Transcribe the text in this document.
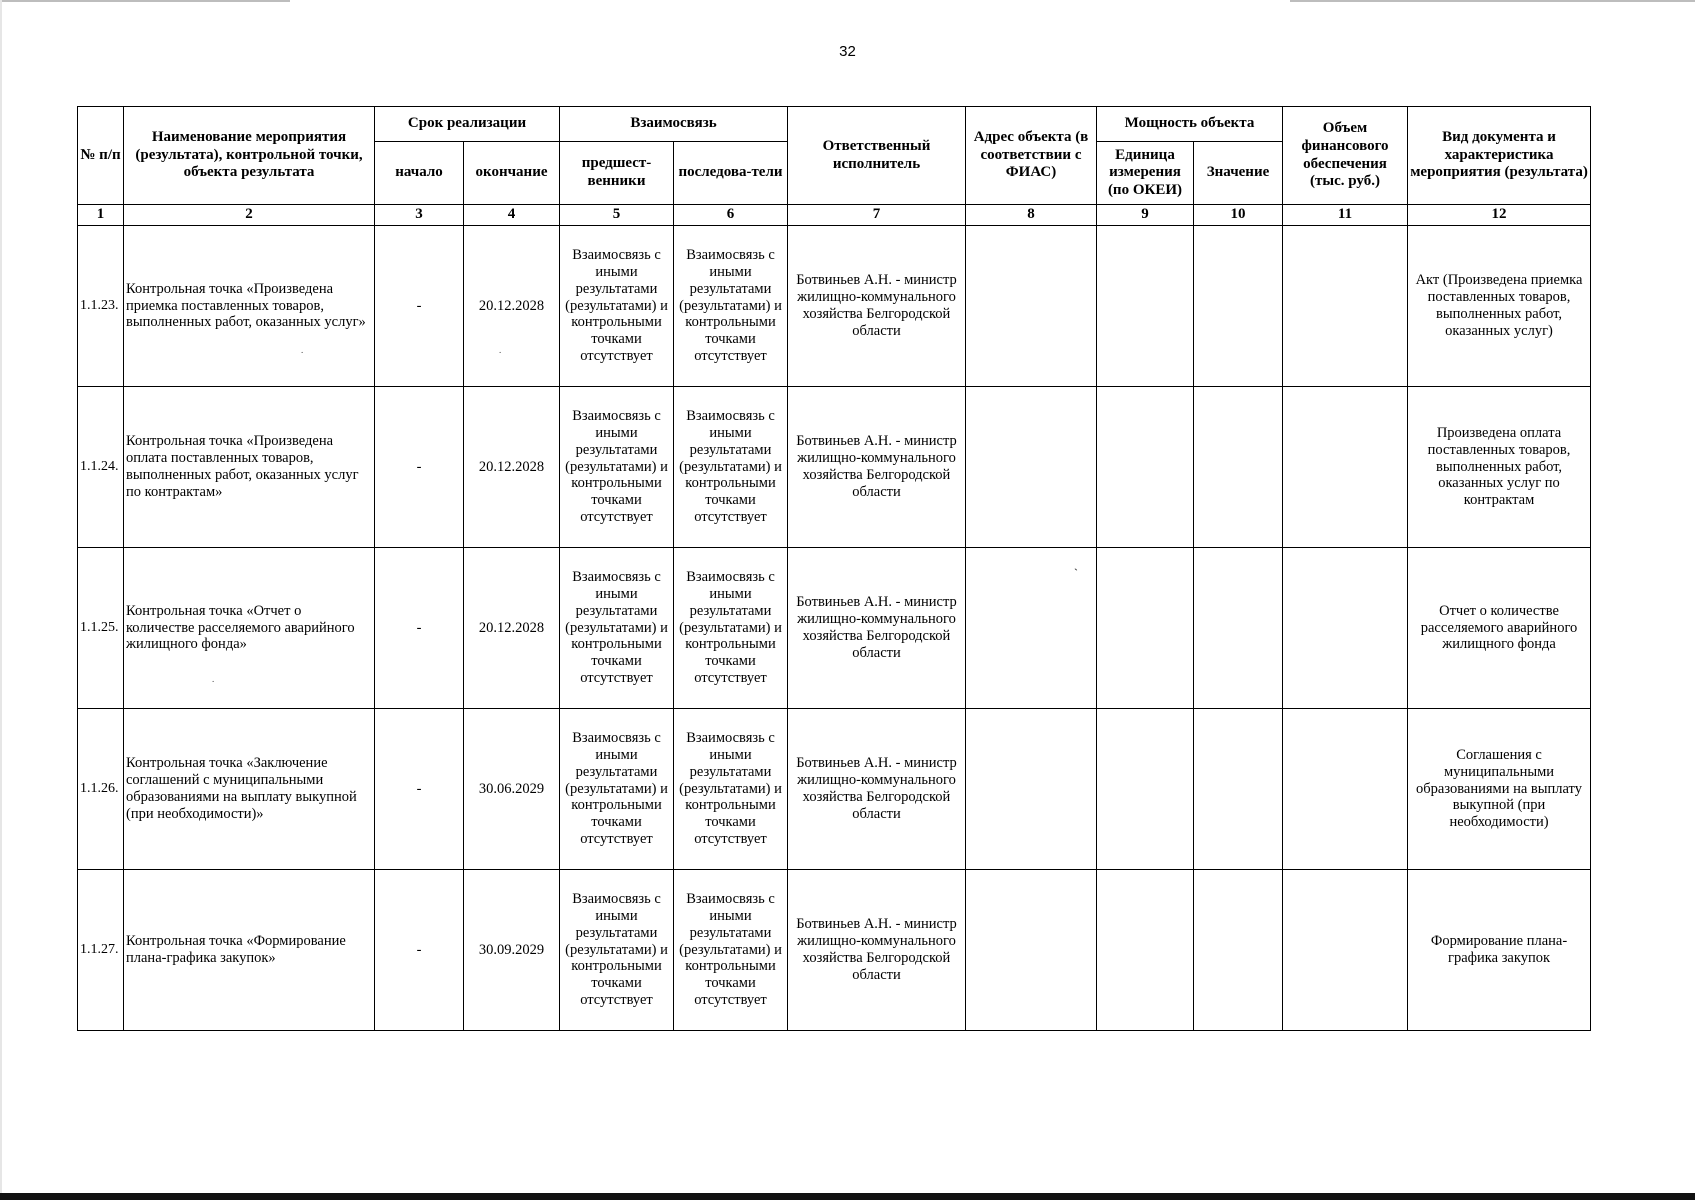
32
№ п/п	Наименование мероприятия (результата), контрольной точки, объекта результата	Срок реализации		Взаимосвязь		Ответственный исполнитель	Адрес объекта (в соответствии с ФИАС)	Мощность объекта		Объем финансового обеспечения (тыс. руб.)	Вид документа и характеристика мероприятия (результата)
		начало	окончание	предшест-венники	последова-тели			Единица измерения (по ОКЕИ)	Значение		
1	2	3	4	5	6	7	8	9	10	11	12
1.1.23.	Контрольная точка «Произведена приемка поставленных товаров, выполненных работ, оказанных услуг»	-	20.12.2028	Взаимосвязь с иными результатами (результатами) и контрольными точками отсутствует	Взаимосвязь с иными результатами (результатами) и контрольными точками отсутствует	Ботвиньев А.Н. - министр жилищно-коммунального хозяйства Белгородской области					Акт (Произведена приемка поставленных товаров, выполненных работ, оказанных услуг)
1.1.24.	Контрольная точка «Произведена оплата поставленных товаров, выполненных работ, оказанных услуг по контрактам»	-	20.12.2028	Взаимосвязь с иными результатами (результатами) и контрольными точками отсутствует	Взаимосвязь с иными результатами (результатами) и контрольными точками отсутствует	Ботвиньев А.Н. - министр жилищно-коммунального хозяйства Белгородской области					Произведена оплата поставленных товаров, выполненных работ, оказанных услуг по контрактам
1.1.25.	Контрольная точка «Отчет о количестве расселяемого аварийного жилищного фонда»	-	20.12.2028	Взаимосвязь с иными результатами (результатами) и контрольными точками отсутствует	Взаимосвязь с иными результатами (результатами) и контрольными точками отсутствует	Ботвиньев А.Н. - министр жилищно-коммунального хозяйства Белгородской области					Отчет о количестве расселяемого аварийного жилищного фонда
1.1.26.	Контрольная точка «Заключение соглашений с муниципальными образованиями на выплату выкупной (при необходимости)»	-	30.06.2029	Взаимосвязь с иными результатами (результатами) и контрольными точками отсутствует	Взаимосвязь с иными результатами (результатами) и контрольными точками отсутствует	Ботвиньев А.Н. - министр жилищно-коммунального хозяйства Белгородской области					Соглашения с муниципальными образованиями на выплату выкупной (при необходимости)
1.1.27.	Контрольная точка «Формирование плана-графика закупок»	-	30.09.2029	Взаимосвязь с иными результатами (результатами) и контрольными точками отсутствует	Взаимосвязь с иными результатами (результатами) и контрольными точками отсутствует	Ботвиньев А.Н. - министр жилищно-коммунального хозяйства Белгородской области					Формирование плана-графика закупок
`
.	.
.
